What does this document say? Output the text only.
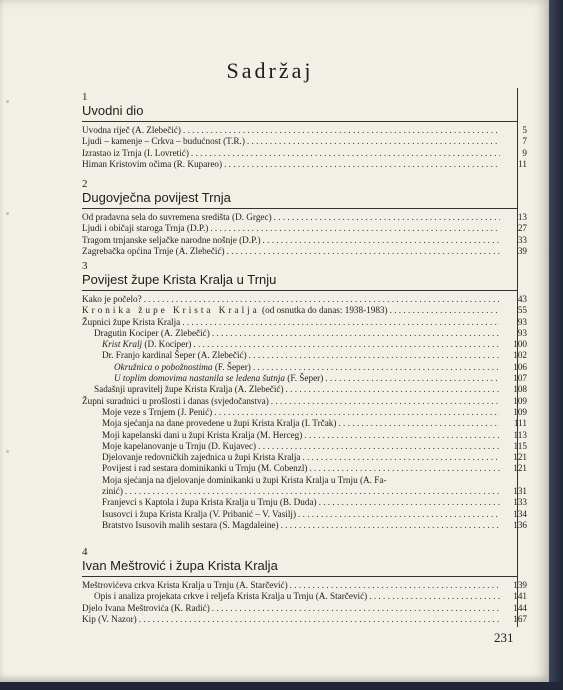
Sadržaj
1
Uvodni dio
Uvodna riječ (A. Zlebečić) . . .	5
Ljudi – kamenje – Crkva – budućnost (T.R.) . . .	7
Izrastao iz Trnja (I. Lovretić) . . .	9
Himan Kristovim očima (R. Kupareo) . . .	11
2
Dugovječna povijest Trnja
Od pradavna sela do suvremena središta (D. Grgec) . . .	13
Ljudi i običaji staroga Trnja (D.P.) . . .	27
Tragom trnjanske seljačke narodne nošnje (D.P.) . . .	33
Zagrebačka općina Trnje (A. Zlebečić) . . .	39
3
Povijest župe Krista Kralja u Trnju
Kako je počelo? . . .	43
Kronika župe Krista Kralja (od osnutka do danas: 1938-1983) . . .	55
Župnici župe Krista Kralja . . .	93
Dragutin Kociper (A. Zlebečić) . . .	93
Krist Kralj (D. Kociper) . . .	100
Dr. Franjo kardinal Šeper (A. Zlebečić) . . .	102
Okružnica o pobožnostima (F. Šeper) . . .	106
U toplim domovima nastanila se ledena šutnja (F. Šeper) . . .	107
Sadašnji upravitelj župe Krista Kralja (A. Zlebečić) . . .	108
Župni suradnici u prošlosti i danas (svjedočanstva) . . .	109
Moje veze s Trnjem (J. Penić) . . .	109
Moja sjećanja na dane provedene u župi Krista Kralja (I. Trčak) . . .	111
Moji kapelanski dani u župi Krista Kralja (M. Herceg) . . .	113
Moje kapelanovanje u Trnju (D. Kujavec) . . .	115
Djelovanje redovničkih zajednica u župi Krista Kralja . . .	121
Povijest i rad sestara dominikanki u Trnju (M. Cobenzl) . . .	121
Moja sjećanja na djelovanje dominikanki u župi Krista Kralja u Trnju (A. Fa-
zinić) . . .	131
Franjevci s Kaptola i župa Krista Kralja u Trnju (B. Duda) . . .	133
Isusovci i župa Krista Kralja (V. Pribanić – V. Vasilj) . . .	134
Bratstvo Isusovih malih sestara (S. Magdaleine) . . .	136
4
Ivan Meštrović i župa Krista Kralja
Meštrovićeva crkva Krista Kralja u Trnju (A. Starčević) . . .	139
Opis i analiza projekata crkve i reljefa Krista Kralja u Trnju (A. Starčević) . . .	141
Djelo Ivana Meštrovića (K. Radić) . . .	144
Kip (V. Nazor) . . .	167
231
